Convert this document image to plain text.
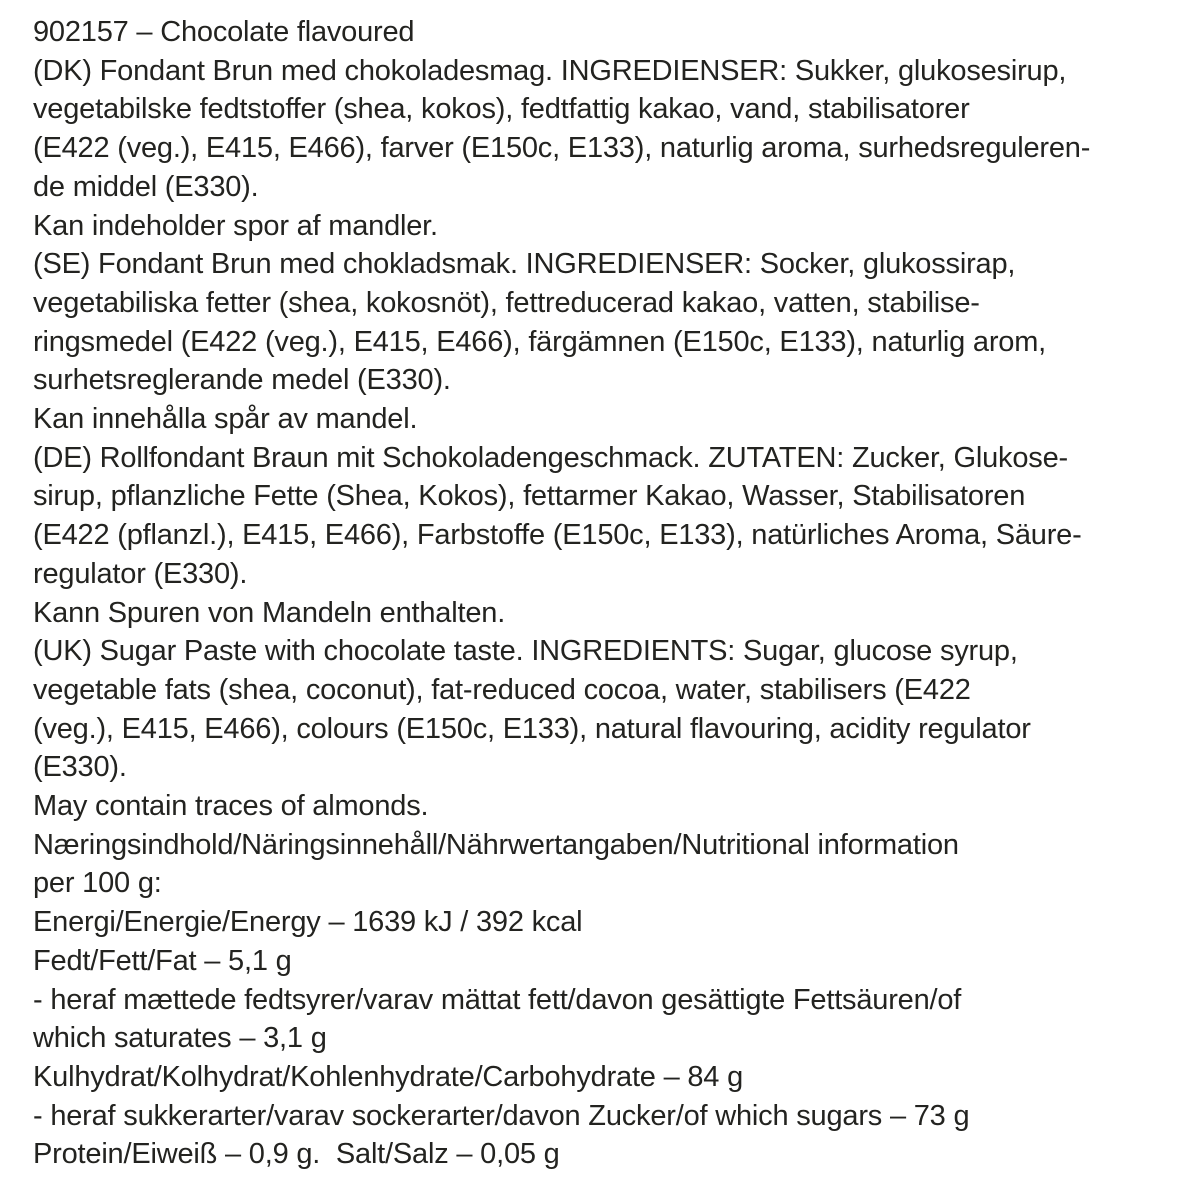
902157 – Chocolate flavoured
(DK) Fondant Brun med chokoladesmag. INGREDIENSER: Sukker, glukosesirup,
vegetabilske fedtstoffer (shea, kokos), fedtfattig kakao, vand, stabilisatorer
(E422 (veg.), E415, E466), farver (E150c, E133), naturlig aroma, surhedsreguleren-
de middel (E330).
Kan indeholder spor af mandler.
(SE) Fondant Brun med chokladsmak. INGREDIENSER: Socker, glukossirap,
vegetabiliska fetter (shea, kokosnöt), fettreducerad kakao, vatten, stabilise-
ringsmedel (E422 (veg.), E415, E466), färgämnen (E150c, E133), naturlig arom,
surhetsreglerande medel (E330).
Kan innehålla spår av mandel.
(DE) Rollfondant Braun mit Schokoladengeschmack. ZUTATEN: Zucker, Glukose-
sirup, pflanzliche Fette (Shea, Kokos), fettarmer Kakao, Wasser, Stabilisatoren
(E422 (pflanzl.), E415, E466), Farbstoffe (E150c, E133), natürliches Aroma, Säure-
regulator (E330).
Kann Spuren von Mandeln enthalten.
(UK) Sugar Paste with chocolate taste. INGREDIENTS: Sugar, glucose syrup,
vegetable fats (shea, coconut), fat-reduced cocoa, water, stabilisers (E422
(veg.), E415, E466), colours (E150c, E133), natural flavouring, acidity regulator
(E330).
May contain traces of almonds.
Næringsindhold/Näringsinnehåll/Nährwertangaben/Nutritional information
per 100 g:
Energi/Energie/Energy – 1639 kJ / 392 kcal
Fedt/Fett/Fat – 5,1 g
- heraf mættede fedtsyrer/varav mättat fett/davon gesättigte Fettsäuren/of
which saturates – 3,1 g
Kulhydrat/Kolhydrat/Kohlenhydrate/Carbohydrate – 84 g
- heraf sukkerarter/varav sockerarter/davon Zucker/of which sugars – 73 g
Protein/Eiweiß – 0,9 g.  Salt/Salz – 0,05 g
